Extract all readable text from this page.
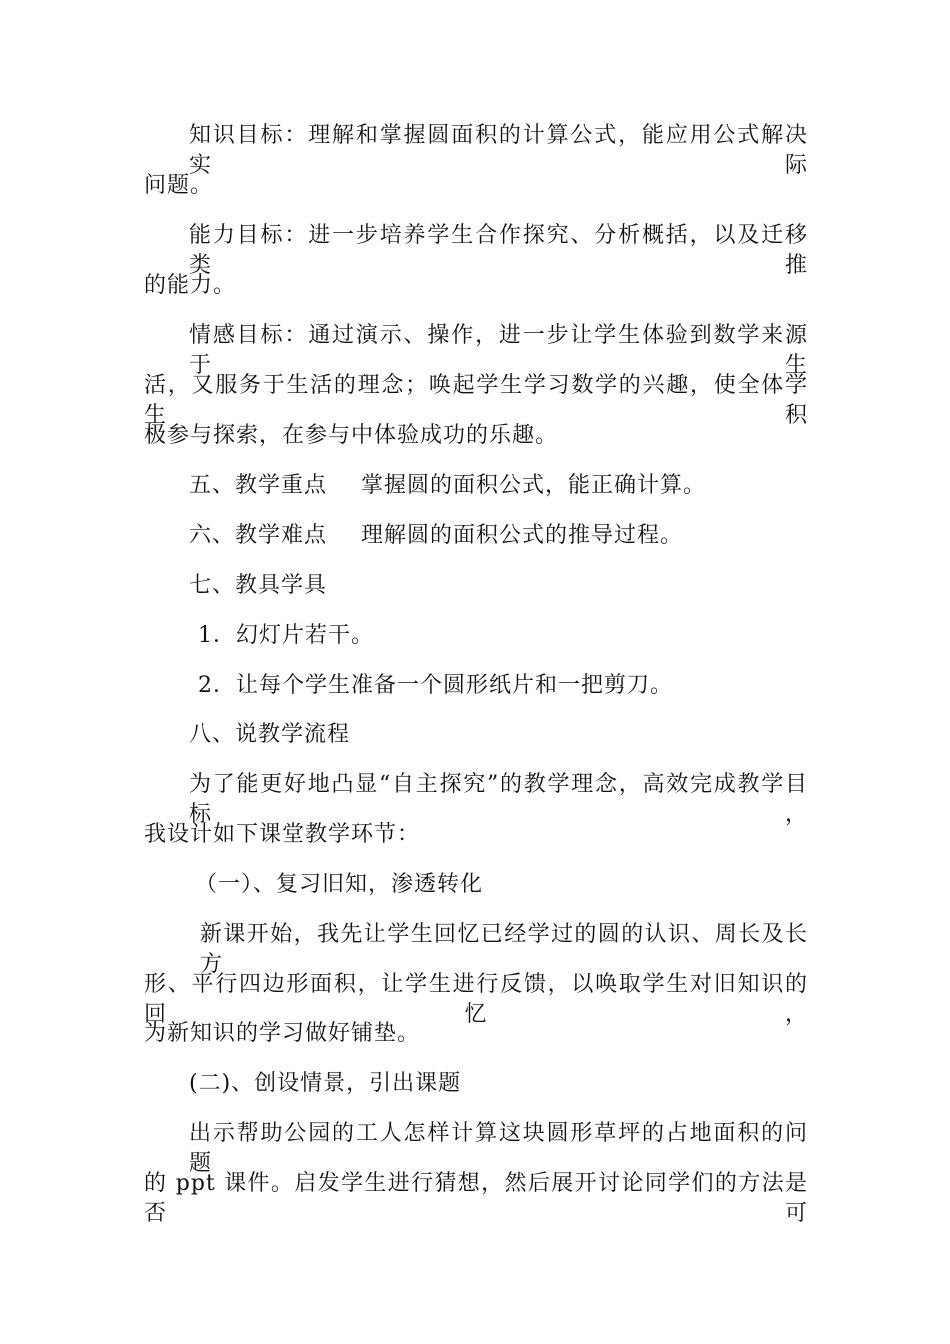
知识目标：理解和掌握圆面积的计算公式，能应用公式解决实际
问题。
能力目标：进一步培养学生合作探究、分析概括，以及迁移类推
的能力。
情感目标：通过演示、操作，进一步让学生体验到数学来源于生
活，又服务于生活的理念；唤起学生学习数学的兴趣，使全体学生积
极参与探索，在参与中体验成功的乐趣。
五、教学重点 掌握圆的面积公式，能正确计算。
六、教学难点 理解圆的面积公式的推导过程。
七、教具学具
1．幻灯片若干。
2．让每个学生准备一个圆形纸片和一把剪刀。
八、说教学流程
为了能更好地凸显“自主探究”的教学理念，高效完成教学目标，
我设计如下课堂教学环节：
（一）、复习旧知，渗透转化
新课开始，我先让学生回忆已经学过的圆的认识、周长及长方
形、平行四边形面积，让学生进行反馈，以唤取学生对旧知识的回忆，
为新知识的学习做好铺垫。
(二)、创设情景，引出课题
出示帮助公园的工人怎样计算这块圆形草坪的占地面积的问题
的 ppt 课件。启发学生进行猜想，然后展开讨论同学们的方法是否可
